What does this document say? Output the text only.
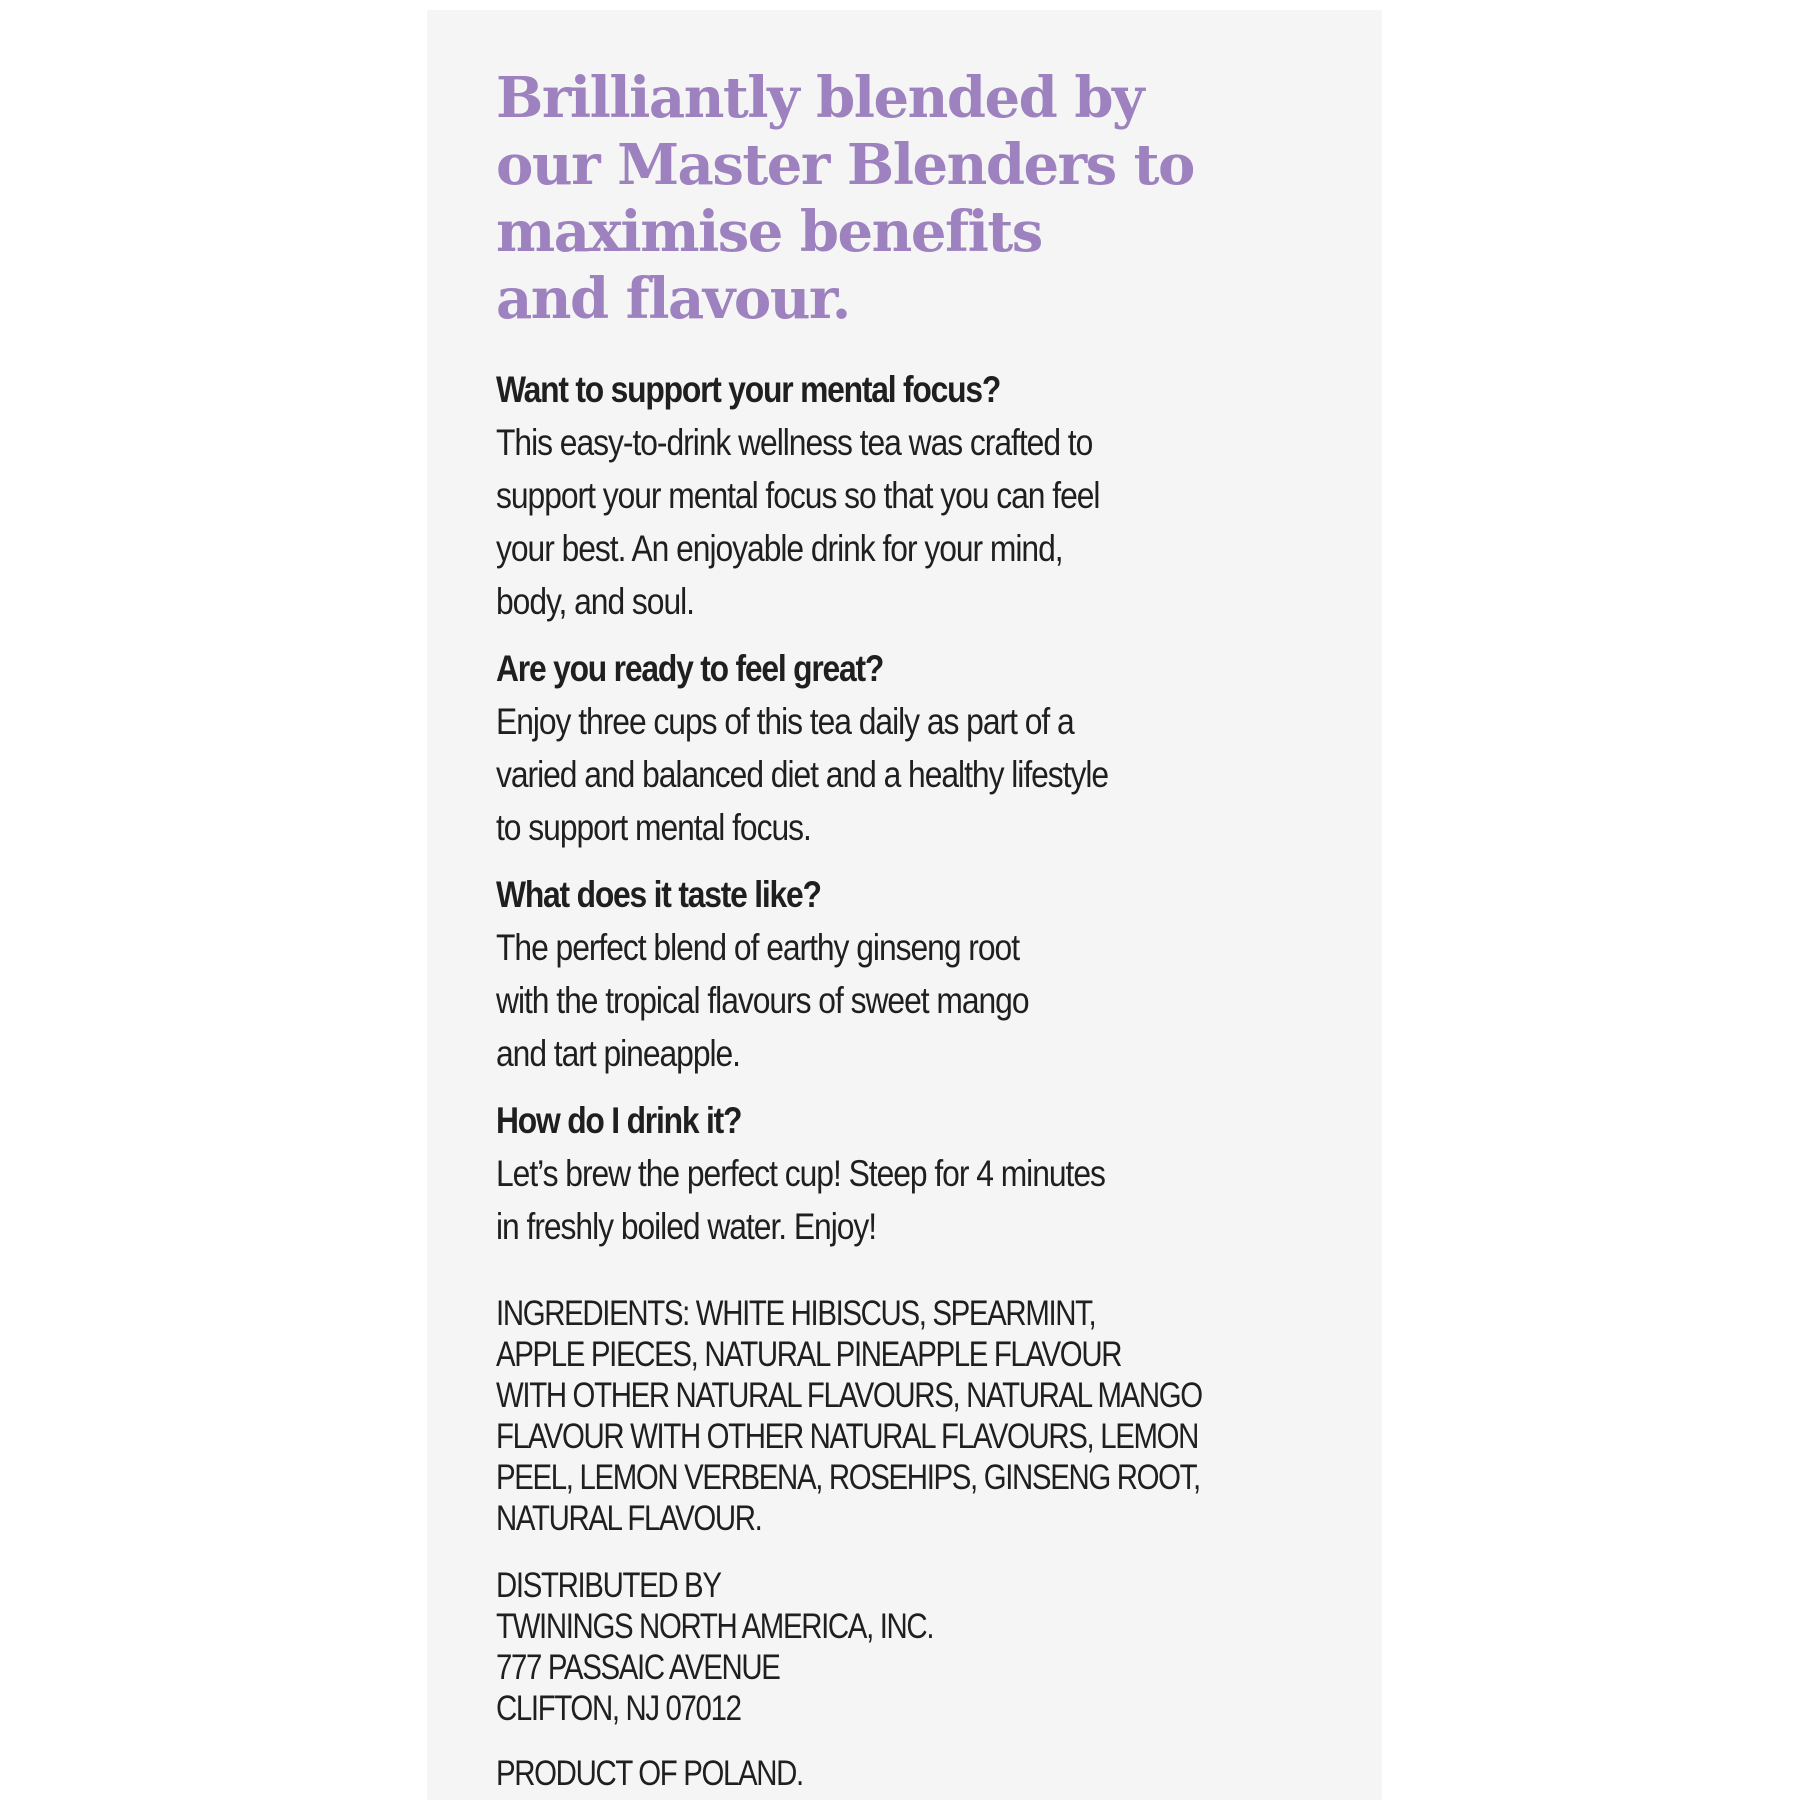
Brilliantly blended by
our Master Blenders to
maximise benefits
and flavour.

Want to support your mental focus?

This easy-to-drink wellness tea was crafted to
support your mental focus so that you can feel
your best. An enjoyable drink for your mind,
body, and soul.

Are you ready to feel great?

Enjoy three cups of this tea daily as part of a
varied and balanced diet and a healthy lifestyle
to support mental focus.

What does it taste like?

The perfect blend of earthy ginseng root
with the tropical flavours of sweet mango
and tart pineapple.

How do I drink it?

Let’s brew the perfect cup! Steep for 4 minutes
in freshly boiled water. Enjoy!

INGREDIENTS: WHITE HIBISCUS, SPEARMINT,
APPLE PIECES, NATURAL PINEAPPLE FLAVOUR
WITH OTHER NATURAL FLAVOURS, NATURAL MANGO
FLAVOUR WITH OTHER NATURAL FLAVOURS, LEMON
PEEL, LEMON VERBENA, ROSEHIPS, GINSENG ROOT,
NATURAL FLAVOUR.

DISTRIBUTED BY
TWININGS NORTH AMERICA, INC.
777 PASSAIC AVENUE
CLIFTON, NJ 07012

PRODUCT OF POLAND.
